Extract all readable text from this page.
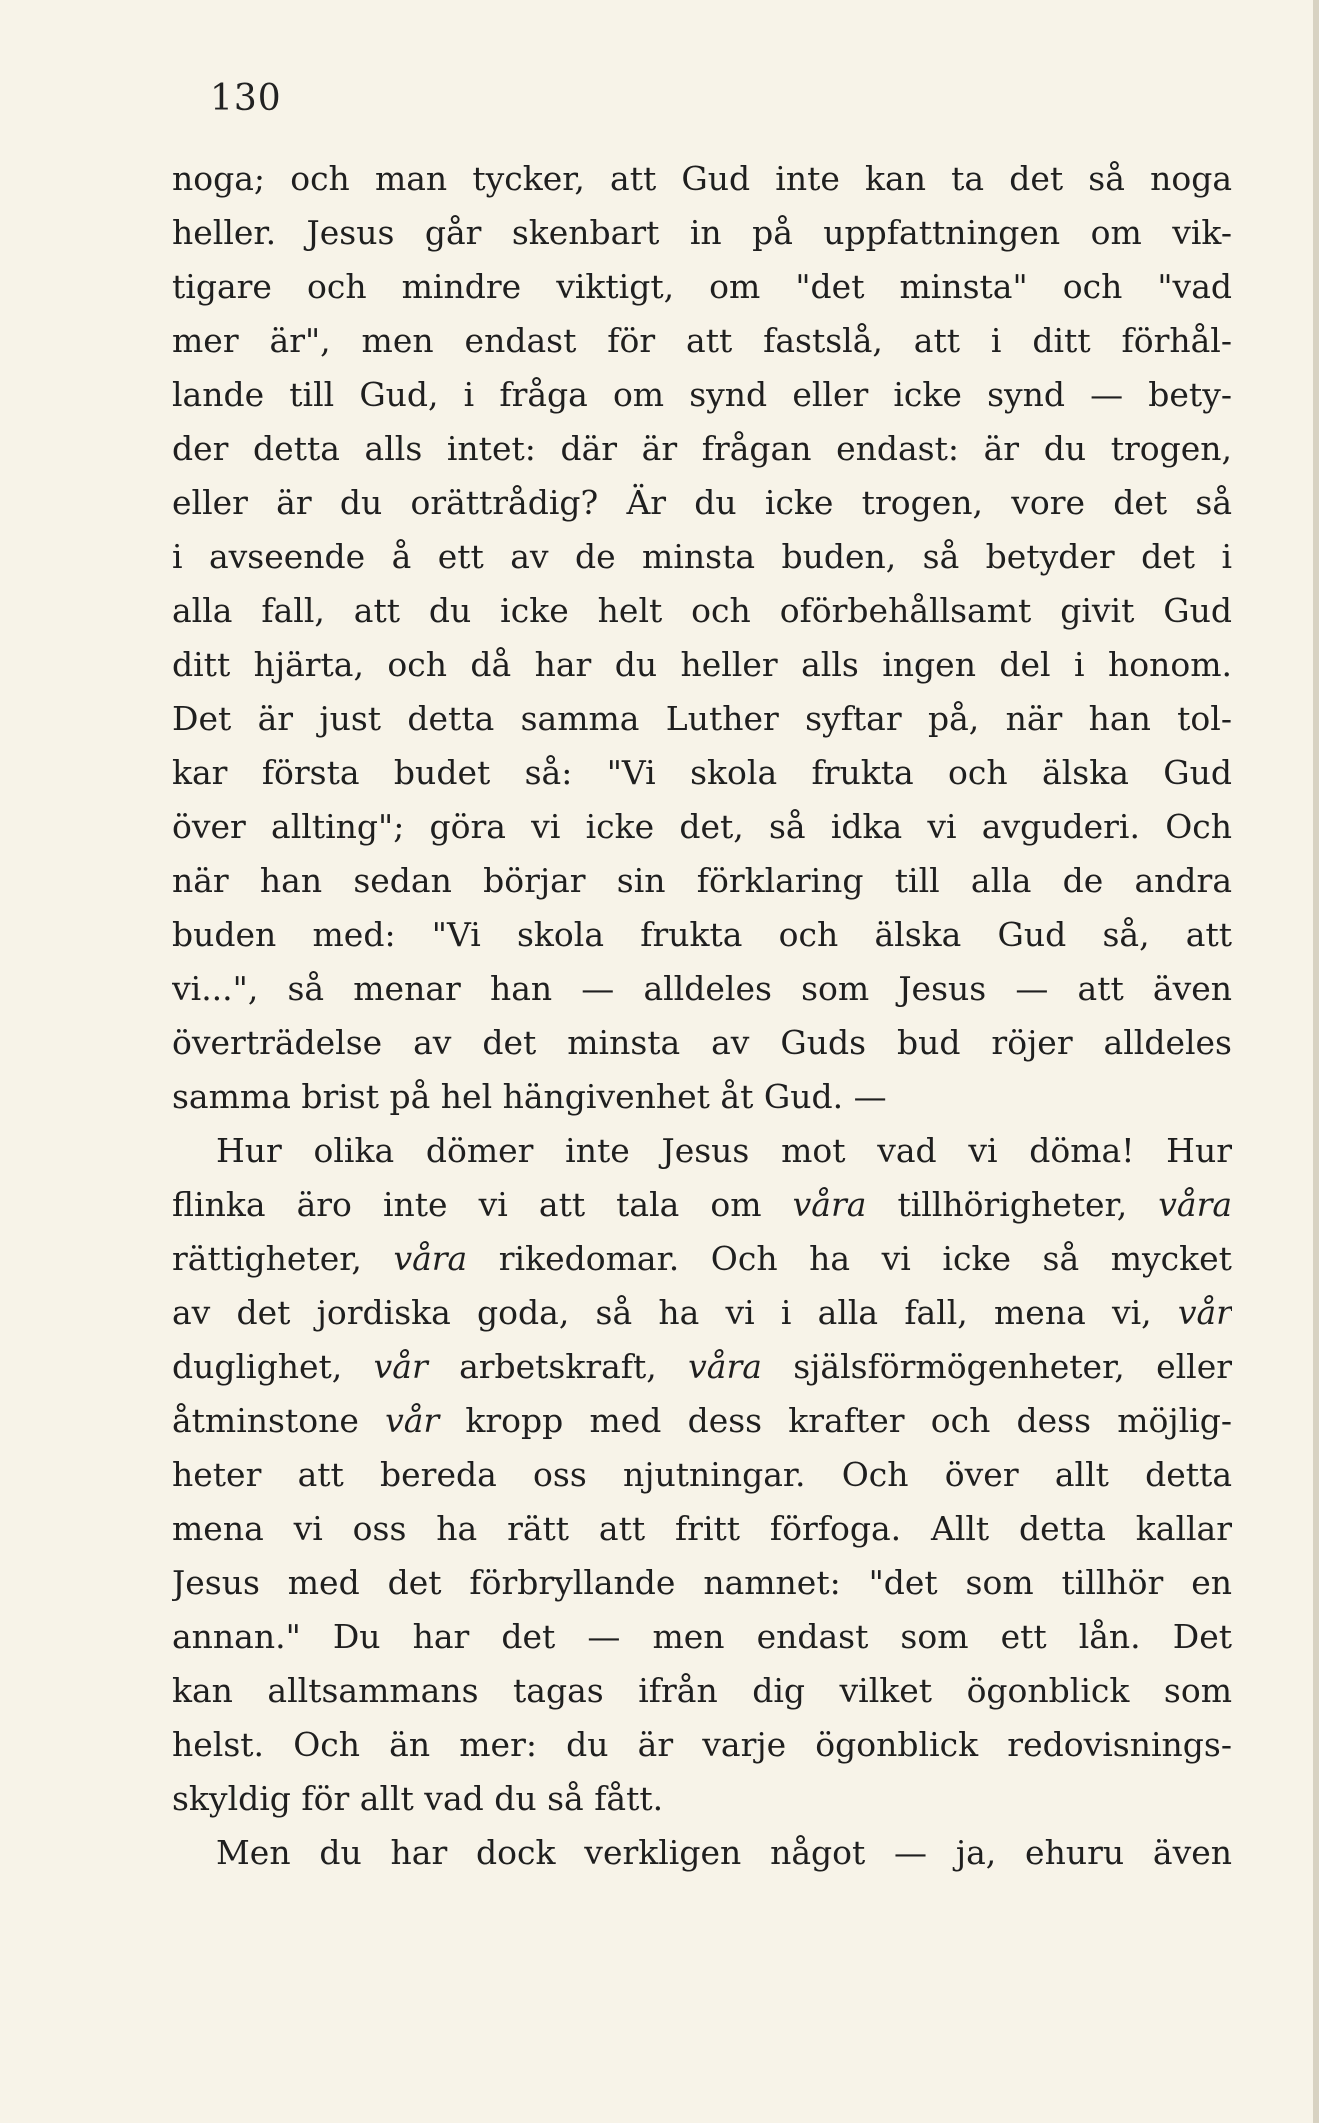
130
noga; och man tycker, att Gud inte kan ta det så noga
heller. Jesus går skenbart in på uppfattningen om vik-
tigare och mindre viktigt, om "det minsta" och "vad
mer är", men endast för att fastslå, att i ditt förhål-
lande till Gud, i fråga om synd eller icke synd — bety-
der detta alls intet: där är frågan endast: är du trogen,
eller är du orättrådig? Är du icke trogen, vore det så
i avseende å ett av de minsta buden, så betyder det i
alla fall, att du icke helt och oförbehållsamt givit Gud
ditt hjärta, och då har du heller alls ingen del i honom.
Det är just detta samma Luther syftar på, när han tol-
kar första budet så: "Vi skola frukta och älska Gud
över allting"; göra vi icke det, så idka vi avguderi. Och
när han sedan börjar sin förklaring till alla de andra
buden med: "Vi skola frukta och älska Gud så, att
vi...", så menar han — alldeles som Jesus — att även
överträdelse av det minsta av Guds bud röjer alldeles
samma brist på hel hängivenhet åt Gud. —
Hur olika dömer inte Jesus mot vad vi döma! Hur
flinka äro inte vi att tala om våra tillhörigheter, våra
rättigheter, våra rikedomar. Och ha vi icke så mycket
av det jordiska goda, så ha vi i alla fall, mena vi, vår
duglighet, vår arbetskraft, våra själsförmögenheter, eller
åtminstone vår kropp med dess krafter och dess möjlig-
heter att bereda oss njutningar. Och över allt detta
mena vi oss ha rätt att fritt förfoga. Allt detta kallar
Jesus med det förbryllande namnet: "det som tillhör en
annan." Du har det — men endast som ett lån. Det
kan alltsammans tagas ifrån dig vilket ögonblick som
helst. Och än mer: du är varje ögonblick redovisnings-
skyldig för allt vad du så fått.
Men du har dock verkligen något — ja, ehuru även
